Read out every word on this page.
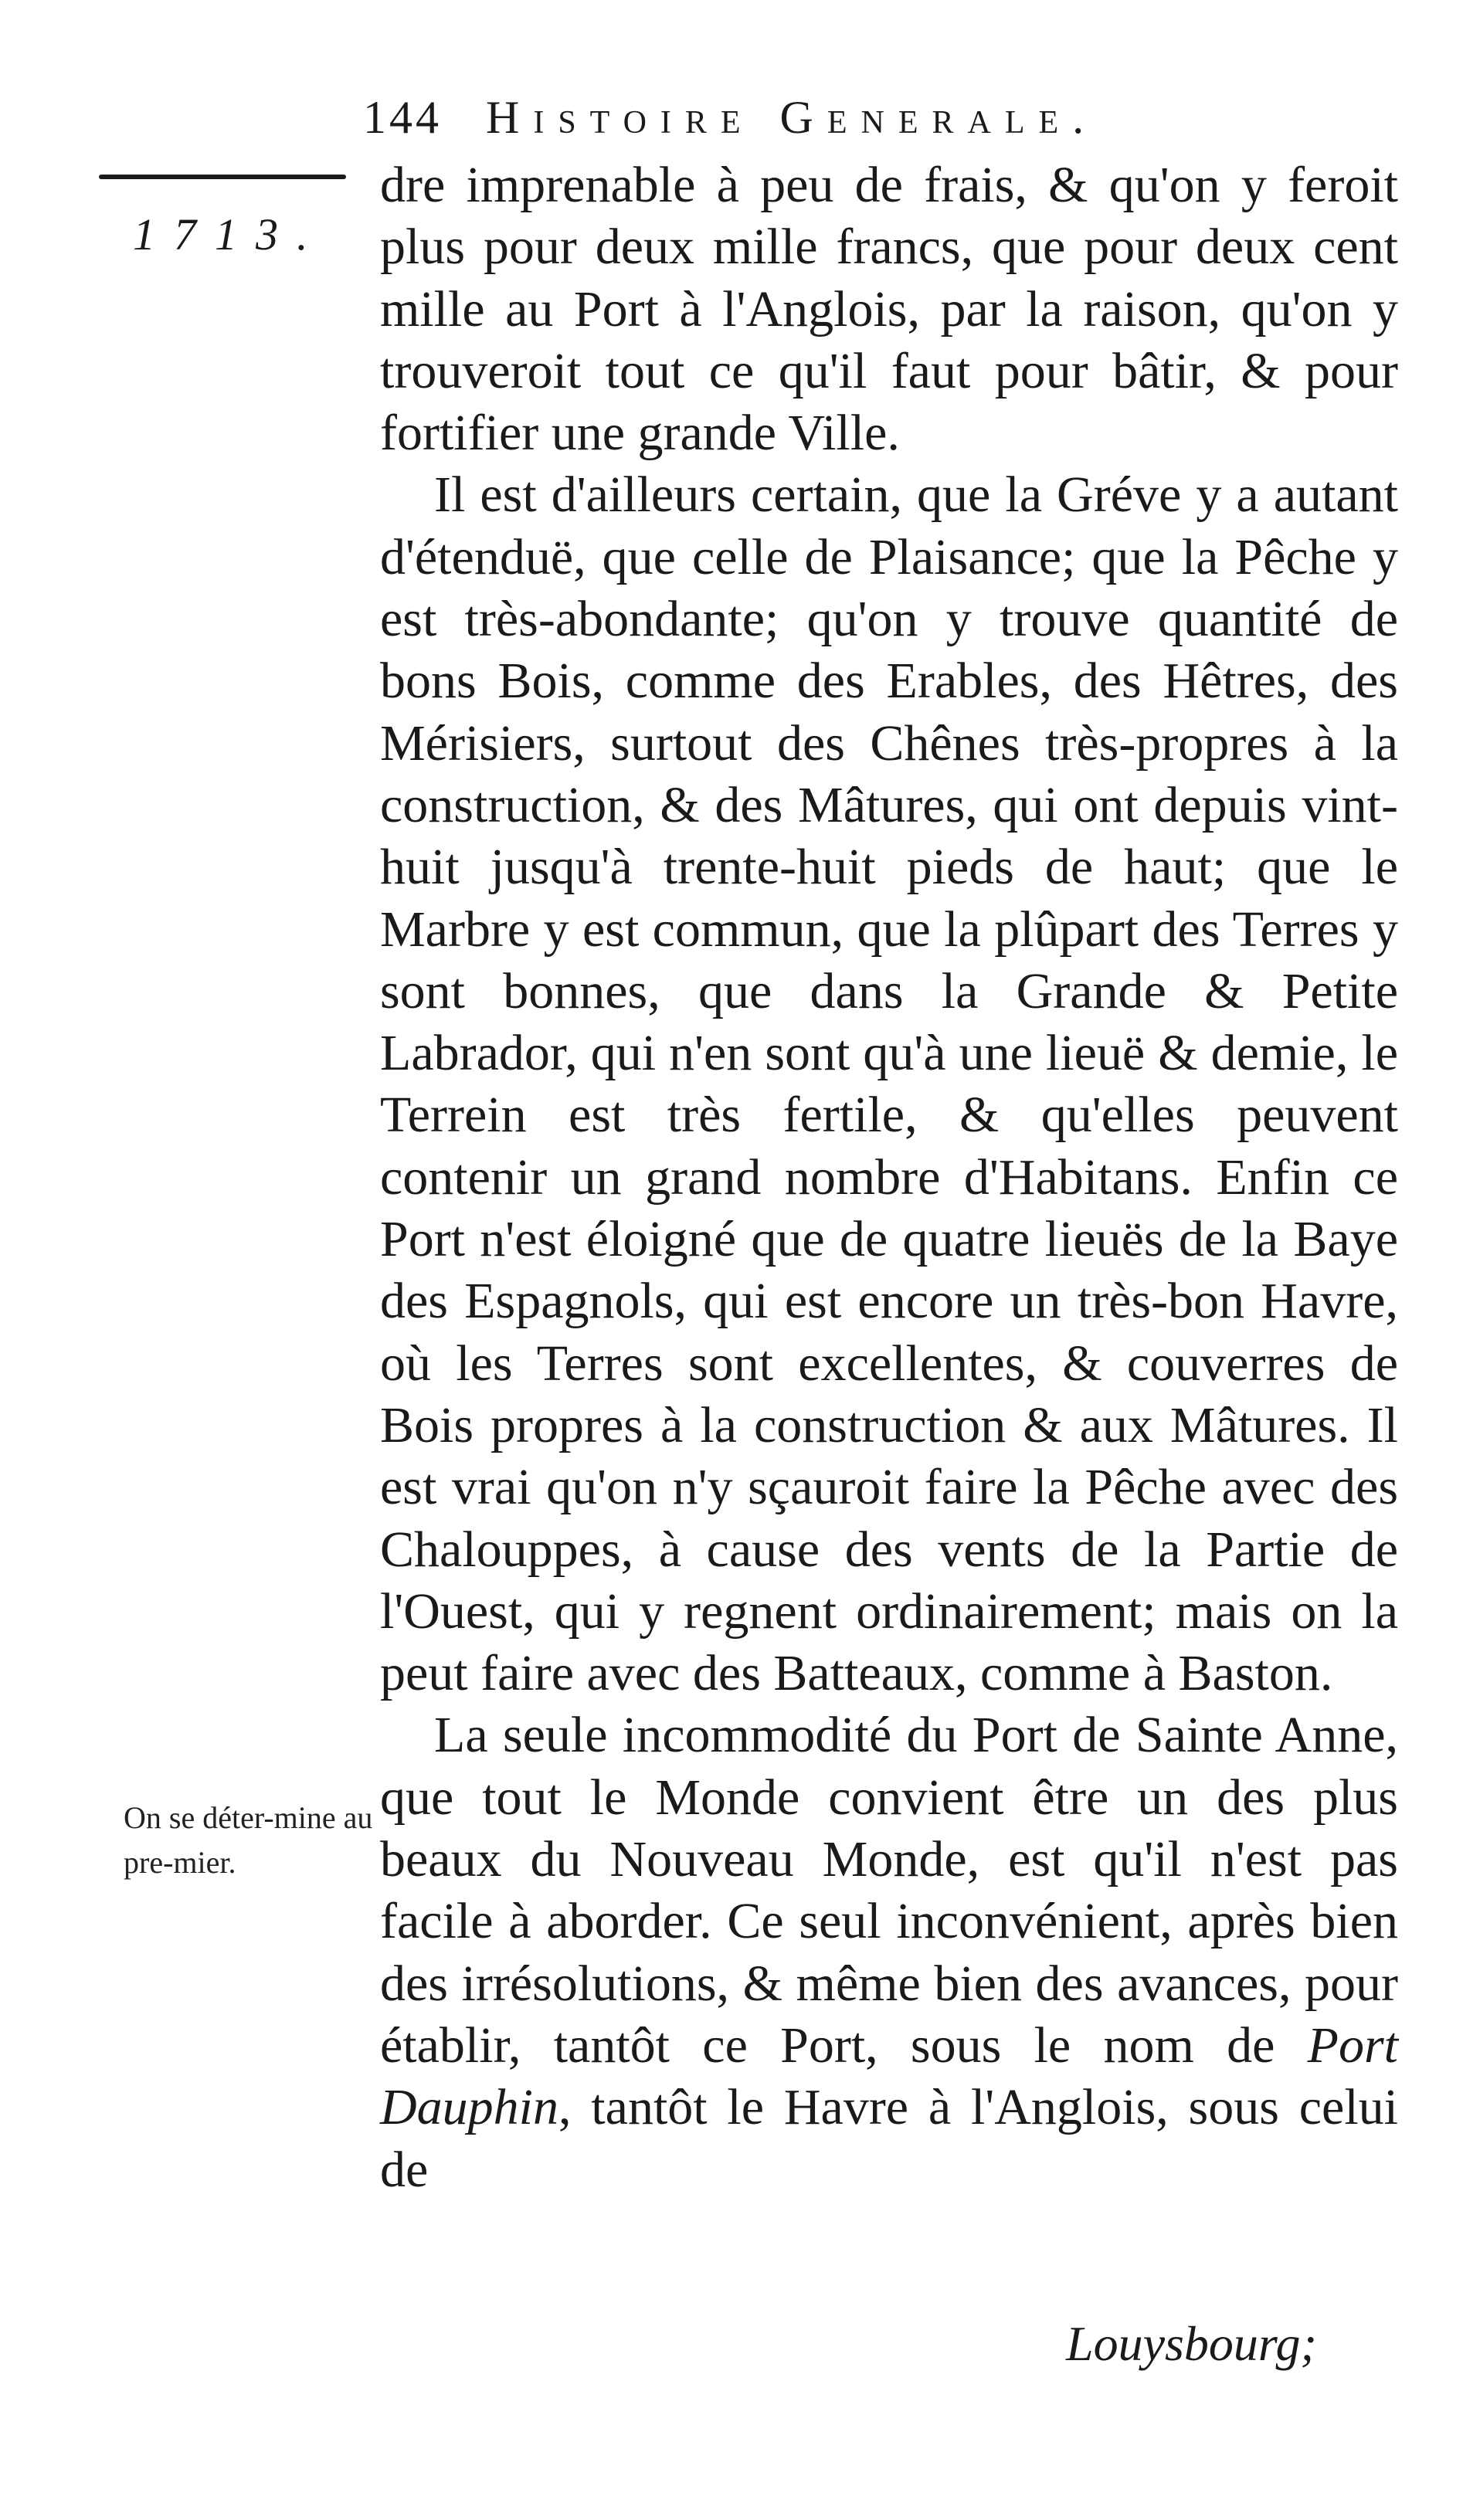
144 Histoire Generale.
1713.

dre imprenable à peu de frais, & qu'on y feroit plus pour deux mille francs, que pour deux cent mille au Port à l'Anglois, par la raison, qu'on y trouveroit tout ce qu'il faut pour bâtir, & pour fortifier une grande Ville.

Il est d'ailleurs certain, que la Gréve y a autant d'étenduë, que celle de Plaisance; que la Pêche y est très-abondante; qu'on y trouve quantité de bons Bois, comme des Erables, des Hêtres, des Mérisiers, surtout des Chênes très-propres à la construction, & des Mâtures, qui ont depuis vint-huit jusqu'à trente-huit pieds de haut; que le Marbre y est commun, que la plûpart des Terres y sont bonnes, que dans la Grande & Petite Labrador, qui n'en sont qu'à une lieuë & demie, le Terrein est très fertile, & qu'elles peuvent contenir un grand nombre d'Habitans. Enfin ce Port n'est éloigné que de quatre lieuës de la Baye des Espagnols, qui est encore un très-bon Havre, où les Terres sont excellentes, & couverres de Bois propres à la construction & aux Mâtures. Il est vrai qu'on n'y sçauroit faire la Pêche avec des Chalouppes, à cause des vents de la Partie de l'Ouest, qui y regnent ordinairement; mais on la peut faire avec des Batteaux, comme à Baston.

La seule incommodité du Port de Sainte Anne, que tout le Monde convient être un des plus beaux du Nouveau Monde, est qu'il n'est pas facile à aborder. Ce seul inconvénient, après bien des irrésolutions, & même bien des avances, pour établir, tantôt ce Port, sous le nom de Port Dauphin, tantôt le Havre à l'Anglois, sous celui de

On se déter-mine au pre-mier.
Louysbourg;
